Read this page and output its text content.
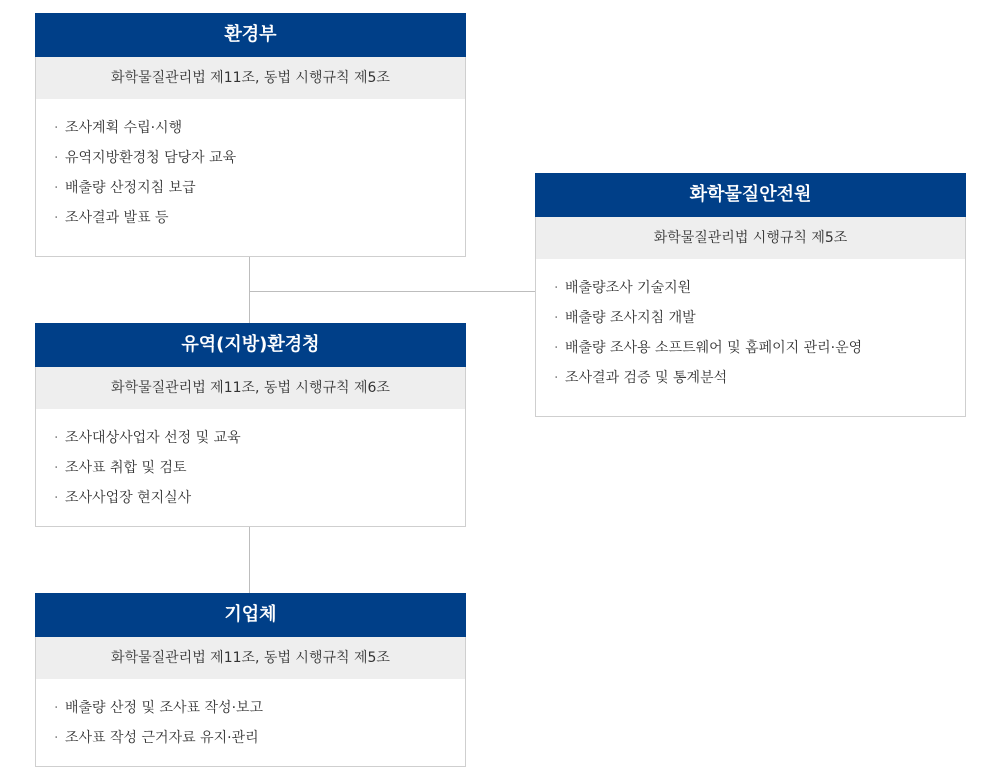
환경부
화학물질관리법 제11조, 동법 시행규칙 제5조
· 조사계획 수립·시행
· 유역지방환경청 담당자 교육
· 배출량 산정지침 보급
· 조사결과 발표 등
화학물질안전원
화학물질관리법 시행규칙 제5조
· 배출량조사 기술지원
· 배출량 조사지침 개발
· 배출량 조사용 소프트웨어 및 홈페이지 관리·운영
· 조사결과 검증 및 통계분석
유역(지방)환경청
화학물질관리법 제11조, 동법 시행규칙 제6조
· 조사대상사업자 선정 및 교육
· 조사표 취합 및 검토
· 조사사업장 현지실사
기업체
화학물질관리법 제11조, 동법 시행규칙 제5조
· 배출량 산정 및 조사표 작성·보고
· 조사표 작성 근거자료 유지·관리
